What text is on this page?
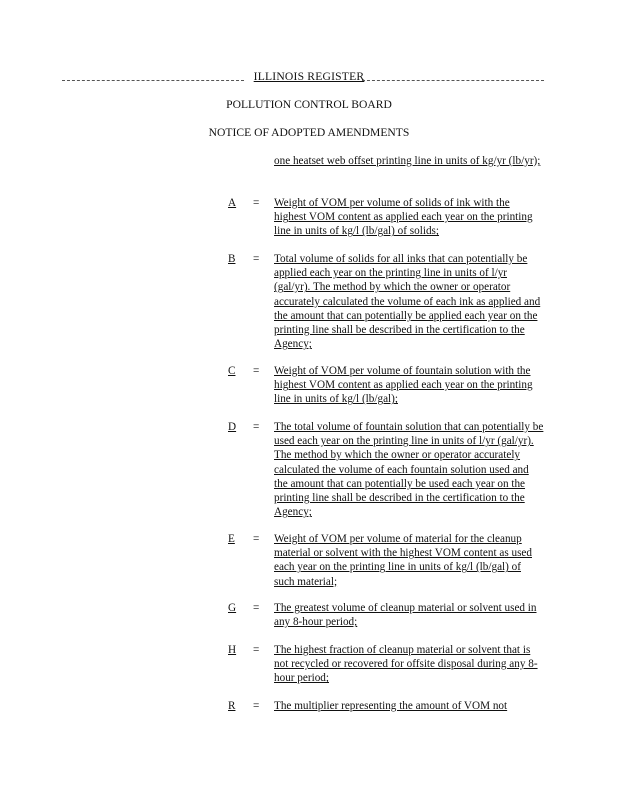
ILLINOIS REGISTER
POLLUTION CONTROL BOARD
NOTICE OF ADOPTED AMENDMENTS
one heatset web offset printing line in units of kg/yr (lb/yr);
A = Weight of VOM per volume of solids of ink with the highest VOM content as applied each year on the printing line in units of kg/l (lb/gal) of solids;
B = Total volume of solids for all inks that can potentially be applied each year on the printing line in units of l/yr (gal/yr). The method by which the owner or operator accurately calculated the volume of each ink as applied and the amount that can potentially be applied each year on the printing line shall be described in the certification to the Agency;
C = Weight of VOM per volume of fountain solution with the highest VOM content as applied each year on the printing line in units of kg/l (lb/gal);
D = The total volume of fountain solution that can potentially be used each year on the printing line in units of l/yr (gal/yr). The method by which the owner or operator accurately calculated the volume of each fountain solution used and the amount that can potentially be used each year on the printing line shall be described in the certification to the Agency;
E = Weight of VOM per volume of material for the cleanup material or solvent with the highest VOM content as used each year on the printing line in units of kg/l (lb/gal) of such material;
G = The greatest volume of cleanup material or solvent used in any 8-hour period;
H = The highest fraction of cleanup material or solvent that is not recycled or recovered for offsite disposal during any 8-hour period;
R = The multiplier representing the amount of VOM not
